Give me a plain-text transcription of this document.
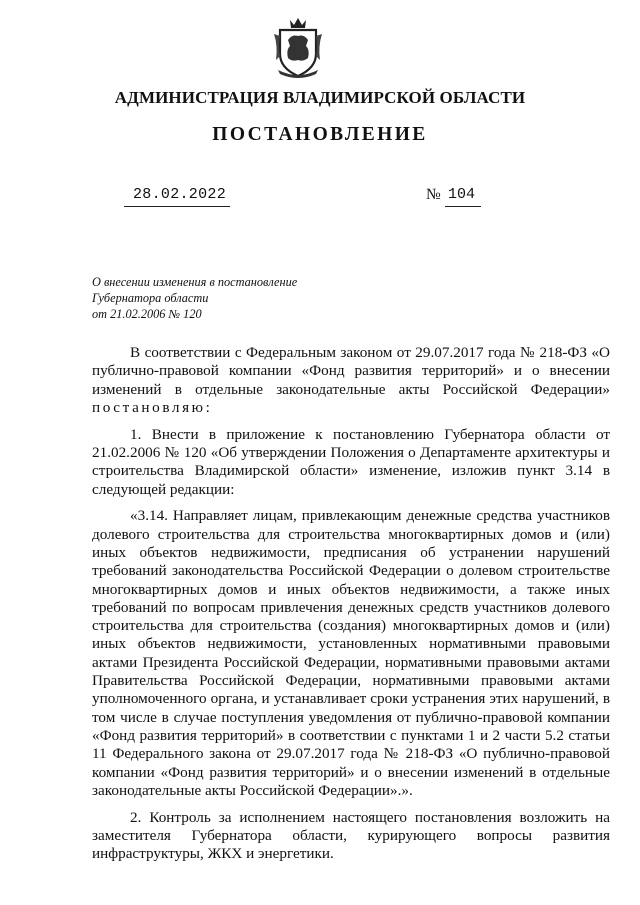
АДМИНИСТРАЦИЯ ВЛАДИМИРСКОЙ ОБЛАСТИ
ПОСТАНОВЛЕНИЕ
28.02.2022	№ 104
О внесении изменения в постановление
Губернатора области
от 21.02.2006 № 120

В соответствии с Федеральным законом от 29.07.2017 года № 218-ФЗ «О публично-правовой компании «Фонд развития территорий» и о внесении изменений в отдельные законодательные акты Российской Федерации» постановляю:

1. Внести в приложение к постановлению Губернатора области от 21.02.2006 № 120 «Об утверждении Положения о Департаменте архитектуры и строительства Владимирской области» изменение, изложив пункт 3.14 в следующей редакции:

«3.14. Направляет лицам, привлекающим денежные средства участников долевого строительства для строительства многоквартирных домов и (или) иных объектов недвижимости, предписания об устранении нарушений требований законодательства Российской Федерации о долевом строительстве многоквартирных домов и иных объектов недвижимости, а также иных требований по вопросам привлечения денежных средств участников долевого строительства для строительства (создания) многоквартирных домов и (или) иных объектов недвижимости, установленных нормативными правовыми актами Президента Российской Федерации, нормативными правовыми актами Правительства Российской Федерации, нормативными правовыми актами уполномоченного органа, и устанавливает сроки устранения этих нарушений, в том числе в случае поступления уведомления от публично-правовой компании «Фонд развития территорий» в соответствии с пунктами 1 и 2 части 5.2 статьи 11 Федерального закона от 29.07.2017 года № 218-ФЗ «О публично-правовой компании «Фонд развития территорий» и о внесении изменений в отдельные законодательные акты Российской Федерации».».

2. Контроль за исполнением настоящего постановления возложить на заместителя Губернатора области, курирующего вопросы развития инфраструктуры, ЖКХ и энергетики.
